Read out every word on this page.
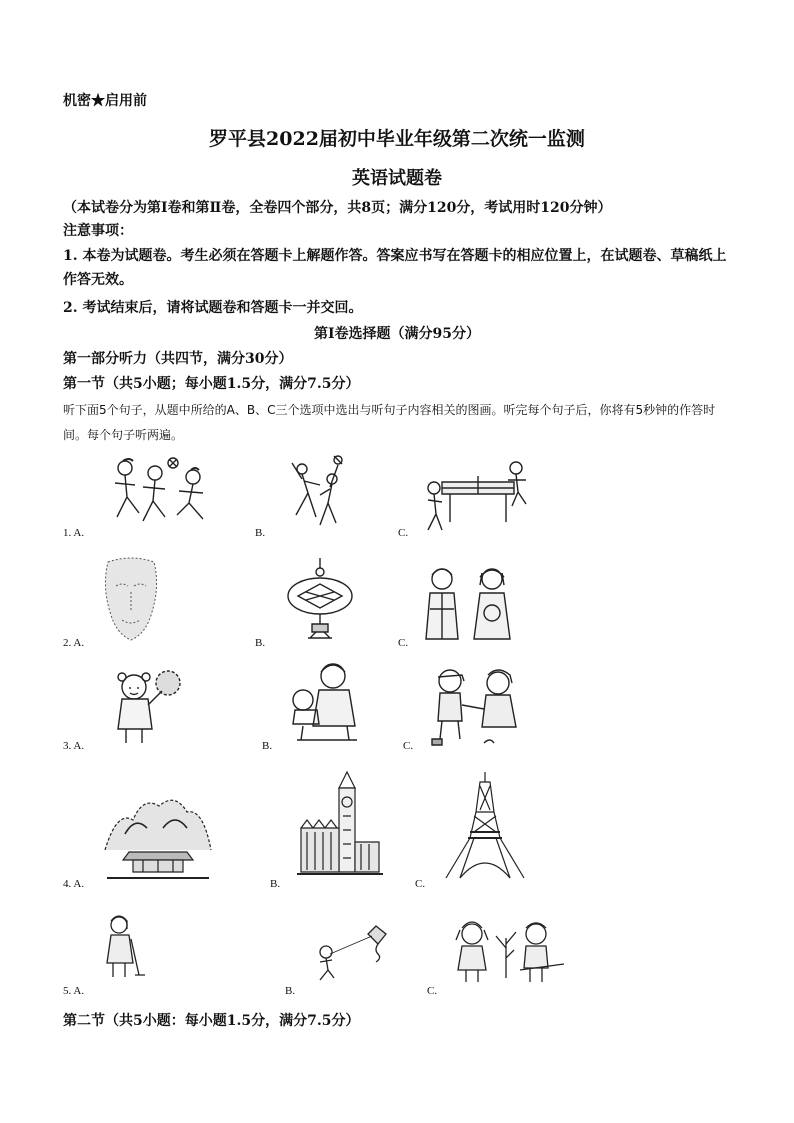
机密★启用前
罗平县2022届初中毕业年级第二次统一监测
英语试题卷
（本试卷分为第Ⅰ卷和第Ⅱ卷，全卷四个部分，共8页；满分120分，考试用时120分钟）
注意事项：
1. 本卷为试题卷。考生必须在答题卡上解题作答。答案应书写在答题卡的相应位置上，在试题卷、草稿纸上作答无效。
2. 考试结束后，请将试题卷和答题卡一并交回。
第Ⅰ卷选择题（满分95分）
第一部分听力（共四节，满分30分）
第一节（共5小题；每小题1.5分，满分7.5分）
听下面5个句子，从题中所给的A、B、C三个选项中选出与听句子内容相关的图画。听完每个句子后，你将有5秒钟的作答时间。每个句子听两遍。
1. A.	B.	C.
2. A.	B.	C.
3. A.	B.	C.
4. A.	B.	C.
5. A.	B.	C.
第二节（共5小题：每小题1.5分，满分7.5分）
